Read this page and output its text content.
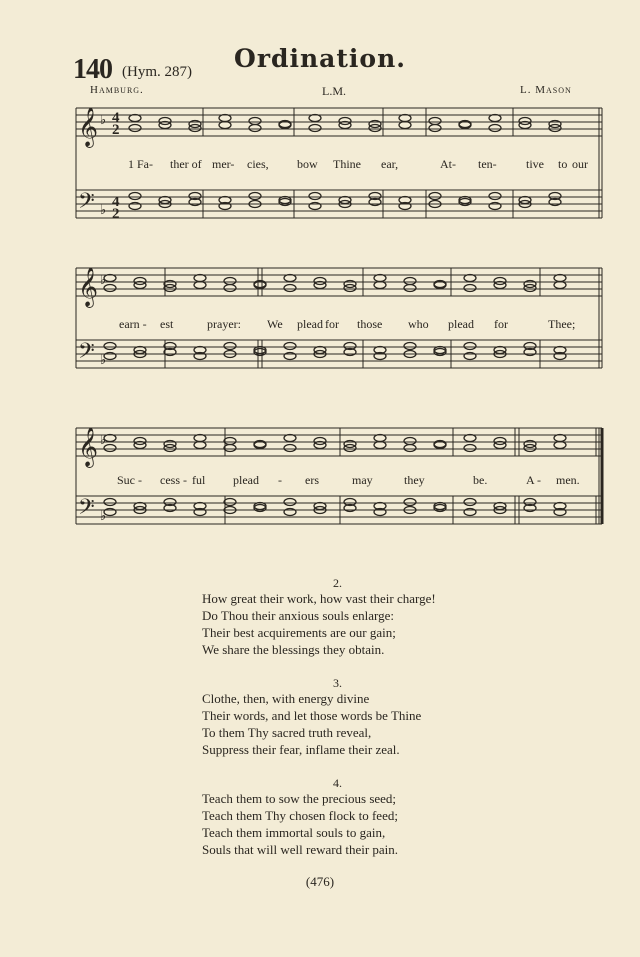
140 (Hym. 287)	Ordination.
Hamburg.	L.M.	L. Mason
𝄞
𝄢
♭
♭
𝄞
𝄢
♭
♭
𝄞
𝄢
♭
♭
4
2
4
2
1 Fa- ther of mer- cies, bow Thine ear,	At- ten- tive to our
earn - est	prayer: We plead for those who plead for	Thee;
Suc - cess - ful plead - ers	may	they	be.	A - men.
2.
How great their work, how vast their charge!
Do Thou their anxious souls enlarge:
Their best acquirements are our gain;
We share the blessings they obtain.
3.
Clothe, then, with energy divine
Their words, and let those words be Thine
To them Thy sacred truth reveal,
Suppress their fear, inflame their zeal.
4.
Teach them to sow the precious seed;
Teach them Thy chosen flock to feed;
Teach them immortal souls to gain,
Souls that will well reward their pain.
(476)
